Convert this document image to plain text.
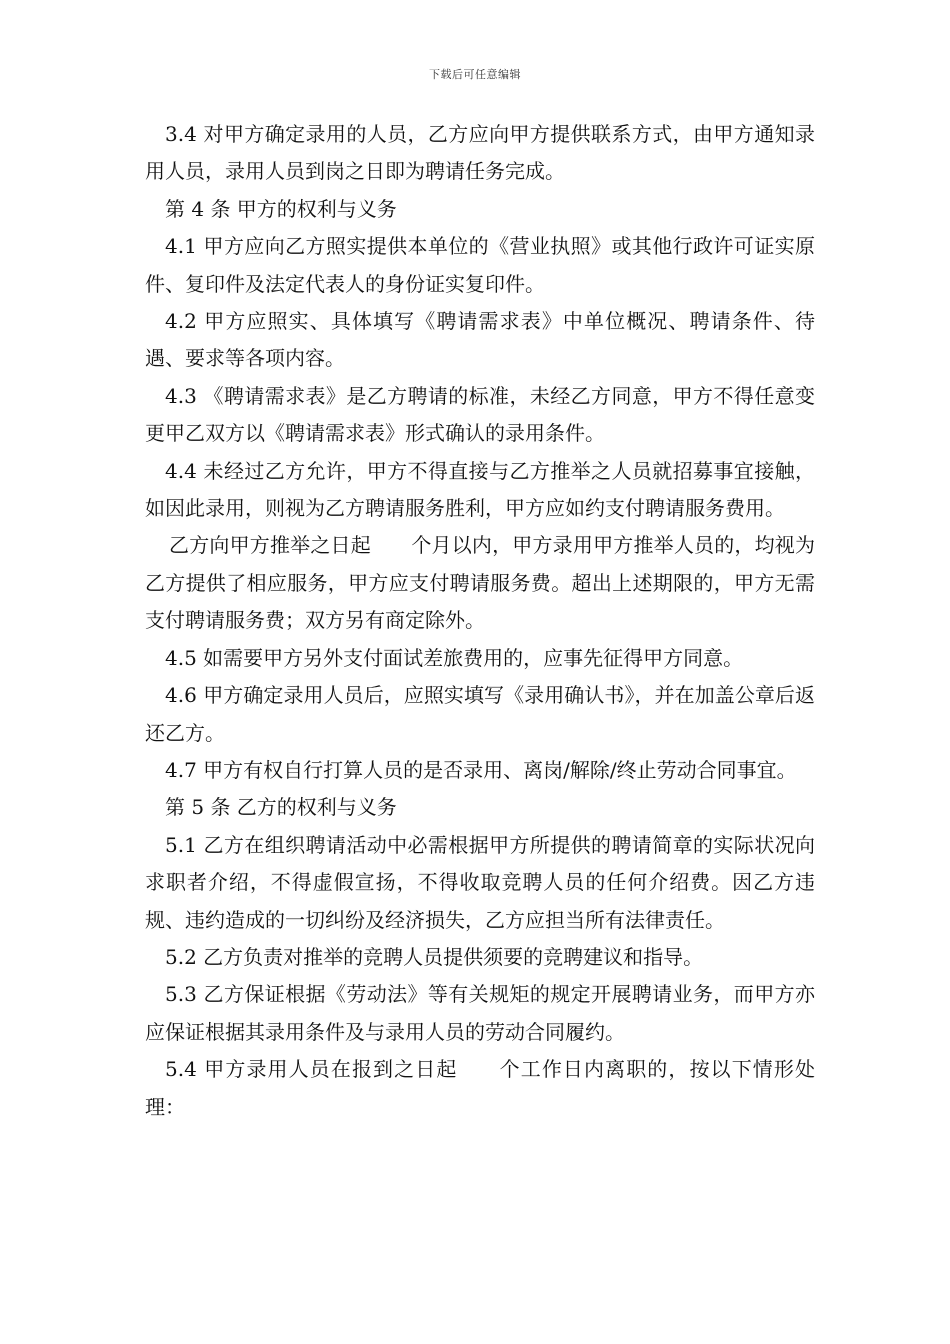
下载后可任意编辑

3.4 对甲方确定录用的人员，乙方应向甲方提供联系方式，由甲方通知录用人员，录用人员到岗之日即为聘请任务完成。

第 4 条 甲方的权利与义务

4.1 甲方应向乙方照实提供本单位的《营业执照》或其他行政许可证实原件、复印件及法定代表人的身份证实复印件。

4.2 甲方应照实、具体填写《聘请需求表》中单位概况、聘请条件、待遇、要求等各项内容。

4.3 《聘请需求表》是乙方聘请的标准，未经乙方同意，甲方不得任意变更甲乙双方以《聘请需求表》形式确认的录用条件。

4.4 未经过乙方允许，甲方不得直接与乙方推举之人员就招募事宜接触，如因此录用，则视为乙方聘请服务胜利，甲方应如约支付聘请服务费用。

乙方向甲方推举之日起　　个月以内，甲方录用甲方推举人员的，均视为乙方提供了相应服务，甲方应支付聘请服务费。超出上述期限的，甲方无需支付聘请服务费；双方另有商定除外。

4.5 如需要甲方另外支付面试差旅费用的，应事先征得甲方同意。

4.6 甲方确定录用人员后，应照实填写《录用确认书》，并在加盖公章后返还乙方。

4.7 甲方有权自行打算人员的是否录用、离岗/解除/终止劳动合同事宜。

第 5 条 乙方的权利与义务

5.1 乙方在组织聘请活动中必需根据甲方所提供的聘请简章的实际状况向求职者介绍，不得虚假宣扬，不得收取竞聘人员的任何介绍费。因乙方违规、违约造成的一切纠纷及经济损失，乙方应担当所有法律责任。

5.2 乙方负责对推举的竞聘人员提供须要的竞聘建议和指导。

5.3 乙方保证根据《劳动法》等有关规矩的规定开展聘请业务，而甲方亦应保证根据其录用条件及与录用人员的劳动合同履约。

5.4 甲方录用人员在报到之日起　　个工作日内离职的，按以下情形处理：
